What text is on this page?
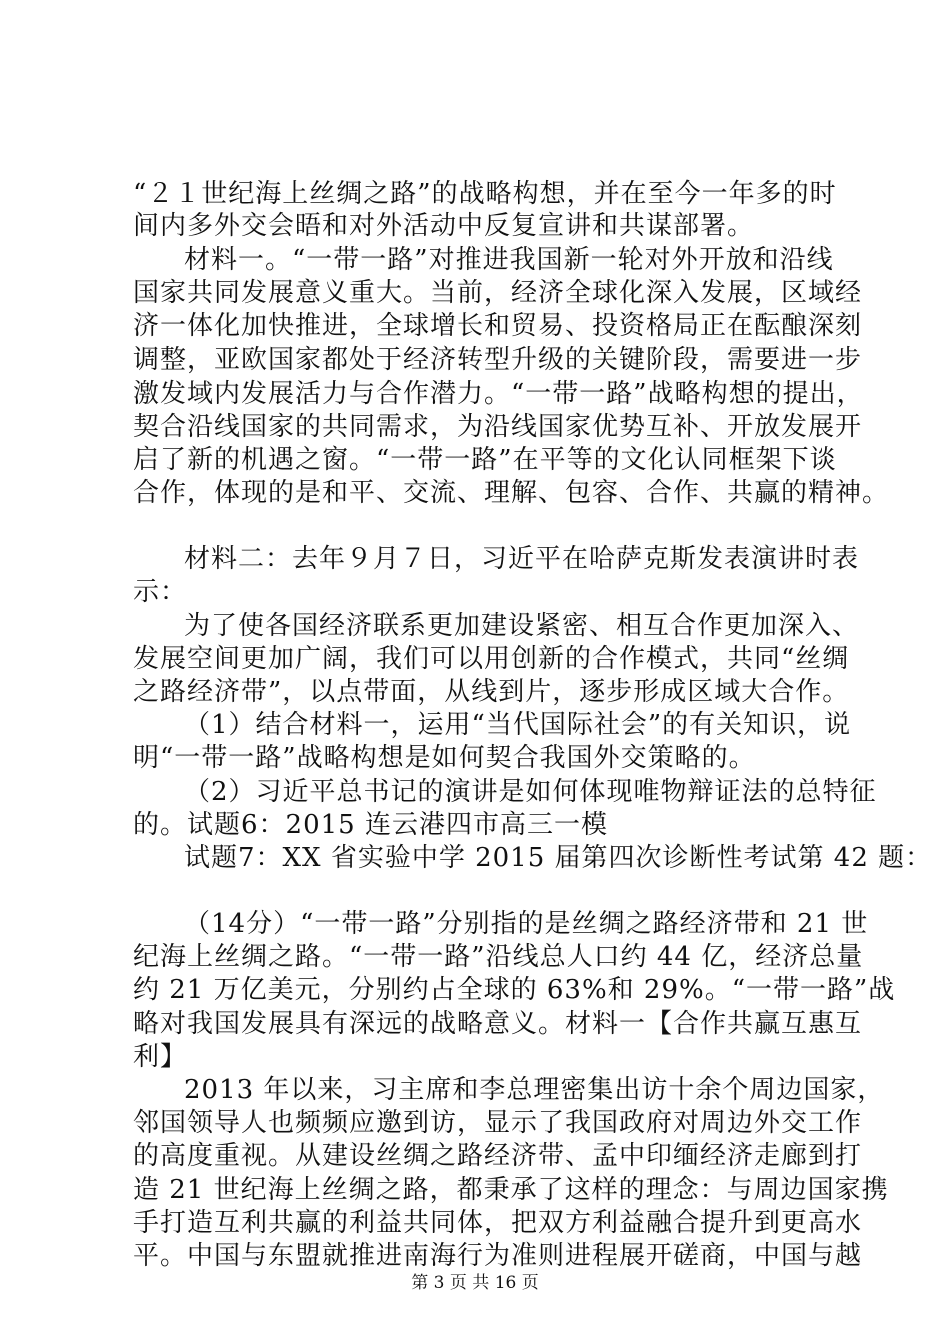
“２１世纪海上丝绸之路”的战略构想，并在至今一年多的时
间内多外交会晤和对外活动中反复宣讲和共谋部署。
材料一。“一带一路”对推进我国新一轮对外开放和沿线
国家共同发展意义重大。当前，经济全球化深入发展，区域经
济一体化加快推进，全球增长和贸易、投资格局正在酝酿深刻
调整，亚欧国家都处于经济转型升级的关键阶段，需要进一步
激发域内发展活力与合作潜力。“一带一路”战略构想的提出，
契合沿线国家的共同需求，为沿线国家优势互补、开放发展开
启了新的机遇之窗。“一带一路”在平等的文化认同框架下谈
合作，体现的是和平、交流、理解、包容、合作、共赢的精神。
材料二：去年９月７日，习近平在哈萨克斯发表演讲时表
示：
为了使各国经济联系更加建设紧密、相互合作更加深入、
发展空间更加广阔，我们可以用创新的合作模式，共同“丝绸
之路经济带”，以点带面，从线到片，逐步形成区域大合作。
（1）结合材料一，运用“当代国际社会”的有关知识，说
明“一带一路”战略构想是如何契合我国外交策略的。
（2）习近平总书记的演讲是如何体现唯物辩证法的总特征
的。试题6：2015 连云港四市高三一模
试题7：XX 省实验中学 2015 届第四次诊断性考试第 42 题：
（14分）“一带一路”分别指的是丝绸之路经济带和 21 世
纪海上丝绸之路。“一带一路”沿线总人口约 44 亿，经济总量
约 21 万亿美元，分别约占全球的 63%和 29%。“一带一路”战
略对我国发展具有深远的战略意义。材料一【合作共赢互惠互
利】
2013 年以来，习主席和李总理密集出访十余个周边国家，
邻国领导人也频频应邀到访，显示了我国政府对周边外交工作
的高度重视。从建设丝绸之路经济带、孟中印缅经济走廊到打
造 21 世纪海上丝绸之路，都秉承了这样的理念：与周边国家携
手打造互利共赢的利益共同体，把双方利益融合提升到更高水
平。中国与东盟就推进南海行为准则进程展开磋商，中国与越
第 3 页 共 16 页
